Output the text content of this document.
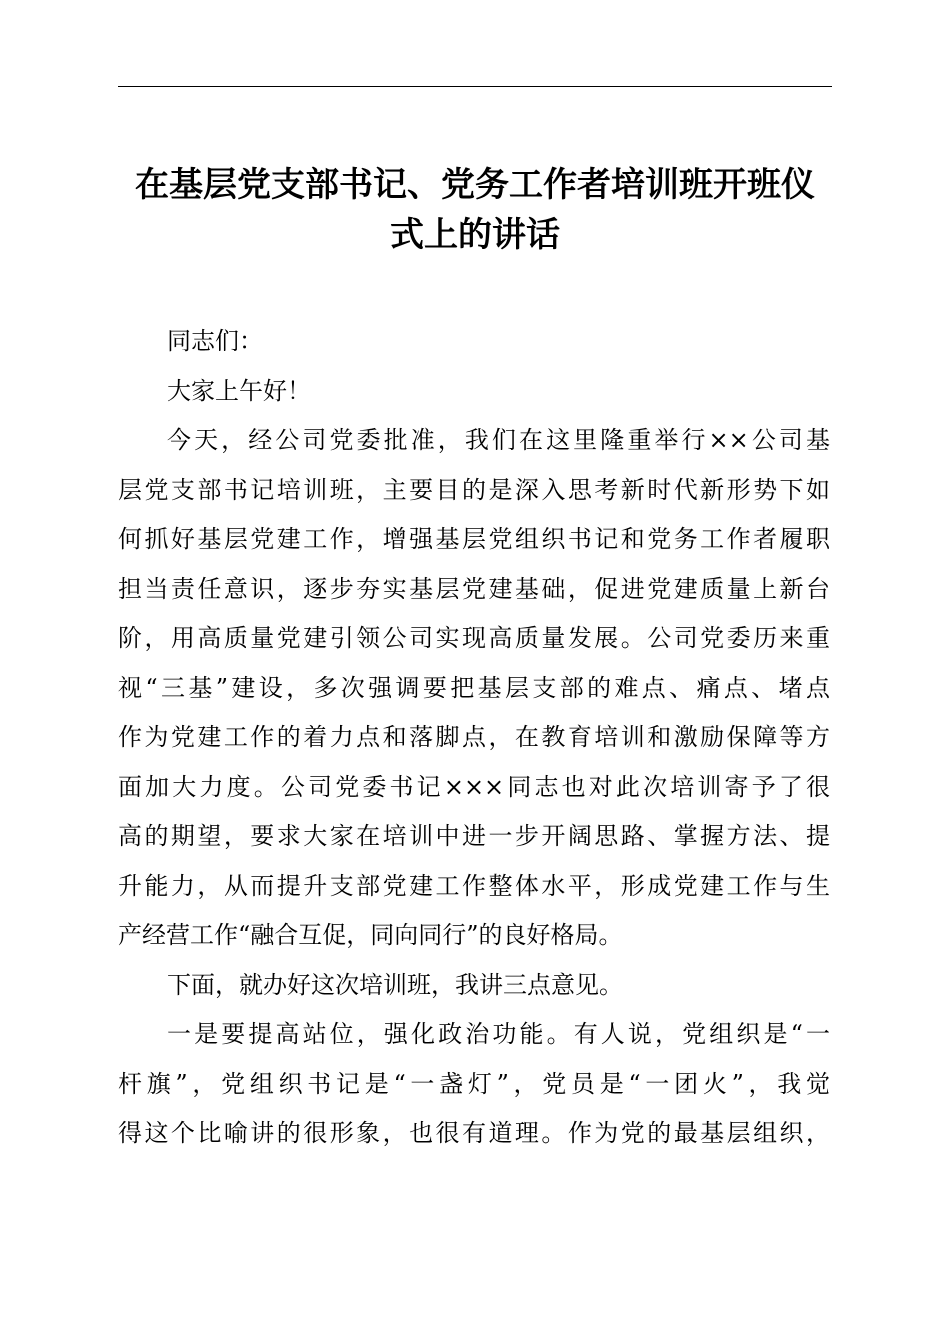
在基层党支部书记、党务工作者培训班开班仪
式上的讲话
同志们：
大家上午好！
今天，经公司党委批准，我们在这里隆重举行××公司基
层党支部书记培训班，主要目的是深入思考新时代新形势下如
何抓好基层党建工作，增强基层党组织书记和党务工作者履职
担当责任意识，逐步夯实基层党建基础，促进党建质量上新台
阶，用高质量党建引领公司实现高质量发展。公司党委历来重
视“三基”建设，多次强调要把基层支部的难点、痛点、堵点
作为党建工作的着力点和落脚点，在教育培训和激励保障等方
面加大力度。公司党委书记×××同志也对此次培训寄予了很
高的期望，要求大家在培训中进一步开阔思路、掌握方法、提
升能力，从而提升支部党建工作整体水平，形成党建工作与生
产经营工作“融合互促，同向同行”的良好格局。
下面，就办好这次培训班，我讲三点意见。
一是要提高站位，强化政治功能。有人说，党组织是“一
杆旗”，党组织书记是“一盏灯”，党员是“一团火”，我觉
得这个比喻讲的很形象，也很有道理。作为党的最基层组织，
